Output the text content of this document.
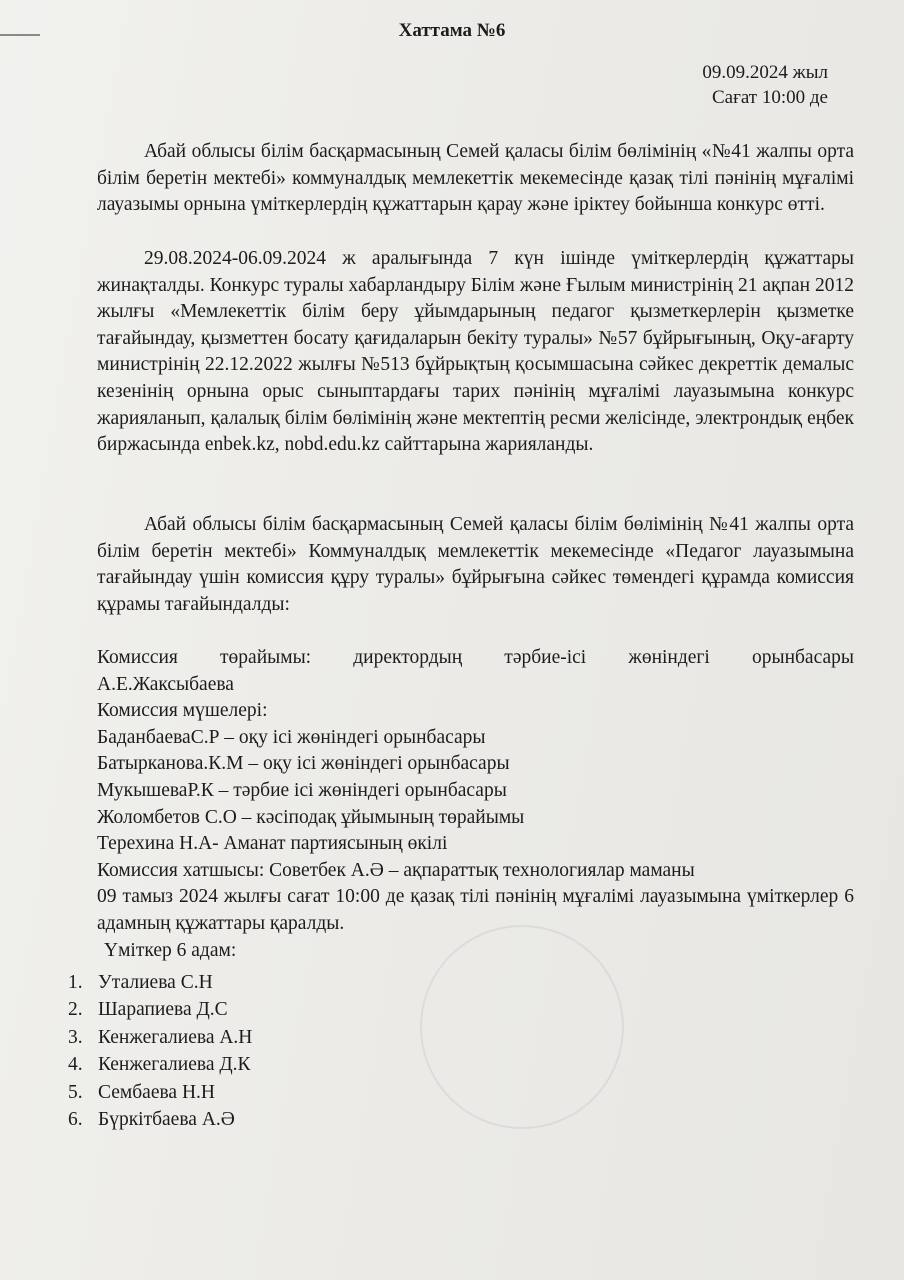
Хаттама №6
09.09.2024 жыл
Сағат 10:00 де

Абай облысы білім басқармасының Семей қаласы білім бөлімінің «№41 жалпы орта білім беретін мектебі» коммуналдық мемлекеттік мекемесінде қазақ тілі пәнінің мұғалімі лауазымы орнына үміткерлердің құжаттарын қарау және іріктеу бойынша конкурс өтті.

29.08.2024-06.09.2024 ж аралығында 7 күн ішінде үміткерлердің құжаттары жинақталды. Конкурс туралы хабарландыру Білім және Ғылым министрінің 21 ақпан 2012 жылғы «Мемлекеттік білім беру ұйымдарының педагог қызметкерлерін қызметке тағайындау, қызметтен босату қағидаларын бекіту туралы» №57 бұйрығының, Оқу-ағарту министрінің 22.12.2022 жылғы №513 бұйрықтың қосымшасына сәйкес декреттік демалыс кезенінің орнына орыс сыныптардағы тарих пәнінің мұғалімі лауазымына конкурс жарияланып, қалалық білім бөлімінің және мектептің ресми желісінде, электрондық еңбек биржасында enbek.kz, nobd.edu.kz сайттарына жарияланды.

Абай облысы білім басқармасының Семей қаласы білім бөлімінің №41 жалпы орта білім беретін мектебі» Коммуналдық мемлекеттік мекемесінде «Педагог лауазымына тағайындау үшін комиссия құру туралы» бұйрығына сәйкес төмендегі құрамда комиссия құрамы тағайындалды:

Комиссия төрайымы: директордың тәрбие-ісі жөніндегі орынбасары
А.Е.Жаксыбаева
Комиссия мүшелері:
БаданбаеваС.Р – оқу ісі жөніндегі орынбасары
Батырканова.К.М – оқу ісі жөніндегі орынбасары
МукышеваР.К – тәрбие ісі жөніндегі орынбасары
Жоломбетов С.О – кәсіподақ ұйымының төрайымы
Терехина Н.А- Аманат партиясының өкілі
Комиссия хатшысы: Советбек А.Ә – ақпараттық технологиялар маманы
09 тамыз 2024 жылғы сағат 10:00 де қазақ тілі пәнінің мұғалімі лауазымына үміткерлер 6 адамның құжаттары қаралды.
Үміткер 6 адам:
1. Уталиева С.Н
2. Шарапиева Д.С
3. Кенжегалиева А.Н
4. Кенжегалиева Д.К
5. Сембаева Н.Н
6. Бүркітбаева А.Ә
